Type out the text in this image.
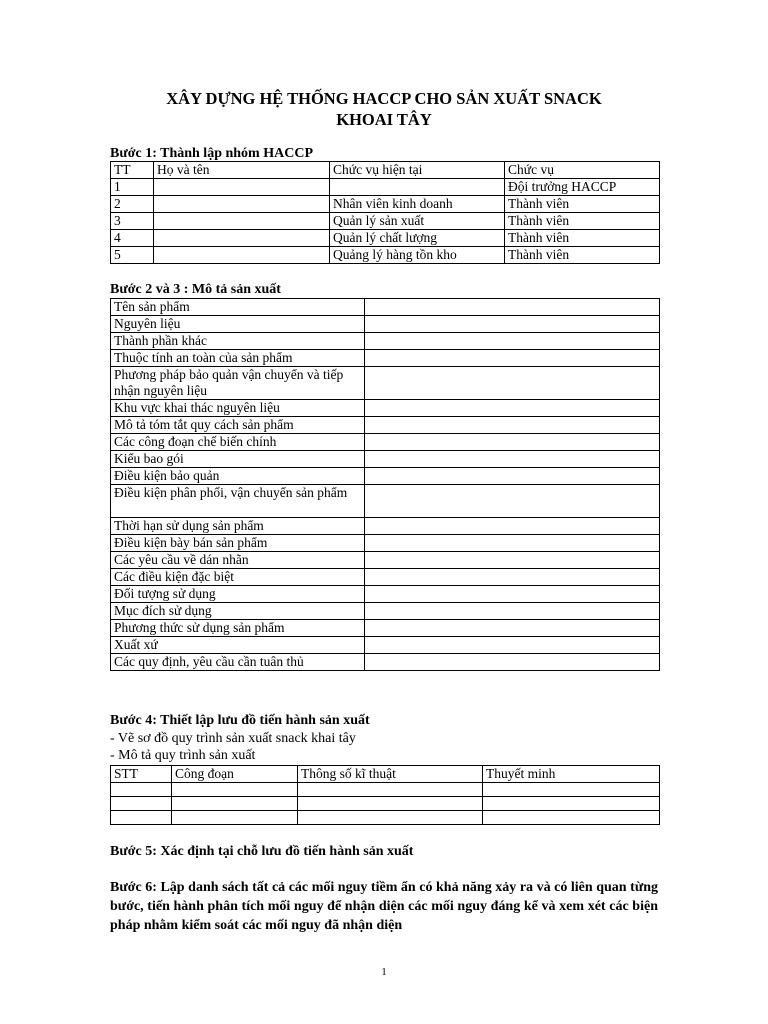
XÂY DỰNG HỆ THỐNG HACCP CHO SẢN XUẤT SNACK
KHOAI TÂY
Bước 1: Thành lập nhóm HACCP
TT	Họ và tên	Chức vụ hiện tại	Chức vụ
1			Đội trưởng HACCP
2		Nhân viên kinh doanh	Thành viên
3		Quản lý sản xuất	Thành viên
4		Quản lý chất lượng	Thành viên
5		Quảng lý hàng tồn kho	Thành viên
Bước 2 và 3 : Mô tả sản xuất
Tên sản phẩm	
Nguyên liệu	
Thành phần khác	
Thuộc tính an toàn của sản phẩm	
Phương pháp bảo quản vận chuyển và tiếp nhận nguyên liệu	
Khu vực khai thác nguyên liệu	
Mô tả tóm tắt quy cách sản phẩm	
Các công đoạn chế biến chính	
Kiểu bao gói	
Điều kiện bảo quản	
Điều kiện phân phối, vận chuyển sản phẩm	
Thời hạn sử dụng sản phẩm	
Điều kiện bày bán sản phẩm	
Các yêu cầu về dán nhãn	
Các điều kiện đặc biệt	
Đối tượng sử dụng	
Mục đích sử dụng	
Phương thức sử dụng sản phẩm	
Xuất xứ	
Các quy định, yêu cầu cần tuân thủ	
Bước 4: Thiết lập lưu đồ tiến hành sản xuất
- Vẽ sơ đồ quy trình sản xuất snack khai tây
- Mô tả quy trình sản xuất
STT	Công đoạn	Thông số kĩ thuật	Thuyết minh

Bước 5: Xác định tại chỗ lưu đồ tiến hành sản xuất
Bước 6: Lập danh sách tất cả các mối nguy tiềm ẩn có khả năng xảy ra và có liên quan từng bước, tiến hành phân tích mối nguy để nhận diện các mối nguy đáng kể và xem xét các biện pháp nhằm kiểm soát các mối nguy đã nhận diện
1
